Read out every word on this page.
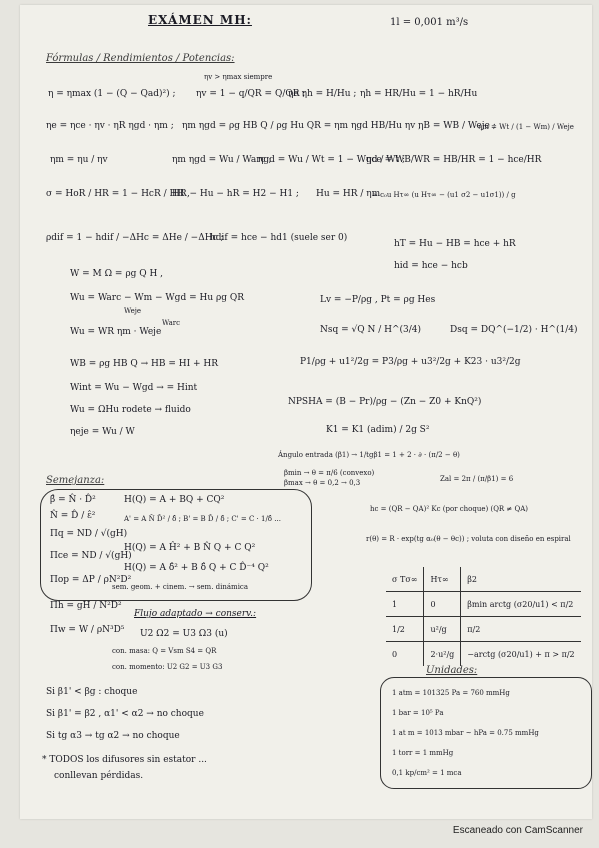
EXÁMEN MH:	1l = 0,001 m³/s
Fórmulas / Rendimientos / Potencias:
ηv > ηmax siempre
η = ηmax (1 − (Q − Qad)²) ; ηv = 1 − q/QR = Q/QR ;
ηe ηh = H/Hu ; ηh = HR/Hu = 1 − hR/Hu
ηe = ηce · ηv · ηR ηgd · ηm ; ηm ηgd = ρg HB Q / ρg Hu QR = ηm ηgd HB/Hu ηv ,
ηB = WB / Weje ;
ηm = Wt / (1 − Wm) / Weje
ηm = ηu / ηv	ηm ηgd = Wu / Warc ;
ηgd = Wu / Wt = 1 − Wgd / Wt ;
ηce = WB/WR = HB/HR = 1 − hce/HR
σ = HoR / HR = 1 − HcR / HR ,
HR − Hu − hR = H2 − H1 ; Hu = HR / ηm
≈ c₀u Hτ∞ (u Hτ∞ − (u1 σ2 − u1σ1)) / g
ρdif = 1 − hdif / −ΔHc = ΔHe / −ΔHc ;
hdif = hce − hd1 (suele ser 0)
hT = Hu − HB = hce + hR
hid = hce − hcb
W = M Ω = ρg Q H ,
Wu = Warc − Wm − Wgd = Hu ρg QR
Weje
Lv = −P/ρg , Pt = ρg Hes
Wu = WR ηm · Weje
Warc
Nsq = √Q N / H^(3/4)	Dsq = DQ^(−1/2) · H^(1/4)
WB = ρg HB Q → HB = HI + HR	P1/ρg + u1²/2g = P3/ρg + u3²/2g + K23 · u3²/2g
Wint = Wu − Wgd → = Hint
Wu = ΩHu rodete → fluido
NPSHA = (B − Pr)/ρg − (Zn − Z0 + KnQ²)
ηeje = Wu / W	K1 = K1 (adim) / 2g S²
Ángulo entrada (β1) → 1/tgβ1 = 1 + 2 · ∂ · (π/2 − θ)
βmin → θ = π/6 (convexo)
βmax → θ = 0,2 → 0,3	Zal = 2π / (π/β1) = 6
hc = (QR − QA)² Kc (por choque) (QR ≠ QA)
r(θ) = R · exp(tg α₀(θ − θc)) ; voluta con diseño en espiral
Semejanza:
β̂ = N̂ · D̂²
N̂ = D̂ / ε̂²
Πq = ND / √(gH)
Πce = ND / √(gH)
Πop = ΔP / ρN²D²
Πh = gH / N²D²
Πw = W / ρN³D⁵
H(Q) = A + BQ + CQ²
A' = A N̂ D̂² / δ̂ ; B' = B D̂ / δ̂ ; C' = C · 1/δ̂ ...
H(Q) = A Ĥ² + B N̂ Q + C Q²
H(Q) = A δ̂² + B δ̂ Q + C D̂⁻⁴ Q²
sem. geom. + cinem. → sem. dinámica
Flujo adaptado → conserv.:
U2 Ω2 = U3 Ω3 (u)
con. masa: Q = Vsm S4 = QR
con. momento: U2 G2 = U3 G3
Si β1' < βg : choque
Si β1' = β2 , α1' < α2 → no choque
Si tg α3 → tg α2 → no choque
* TODOS los difusores sin estator ...
conllevan pérdidas.
σ Tσ∞	Hτ∞	β2
1	0	βmin arctg (σ20/u1) < π/2
1/2	u²/g	π/2
0	2·u²/g	−arctg (σ20/u1) + π > π/2
Unidades:
1 atm = 101325 Pa = 760 mmHg
1 bar = 10⁵ Pa
1 at m = 1013 mbar ~ hPa = 0.75 mmHg
1 torr = 1 mmHg
0,1 kp/cm² = 1 mca
Escaneado con CamScanner
